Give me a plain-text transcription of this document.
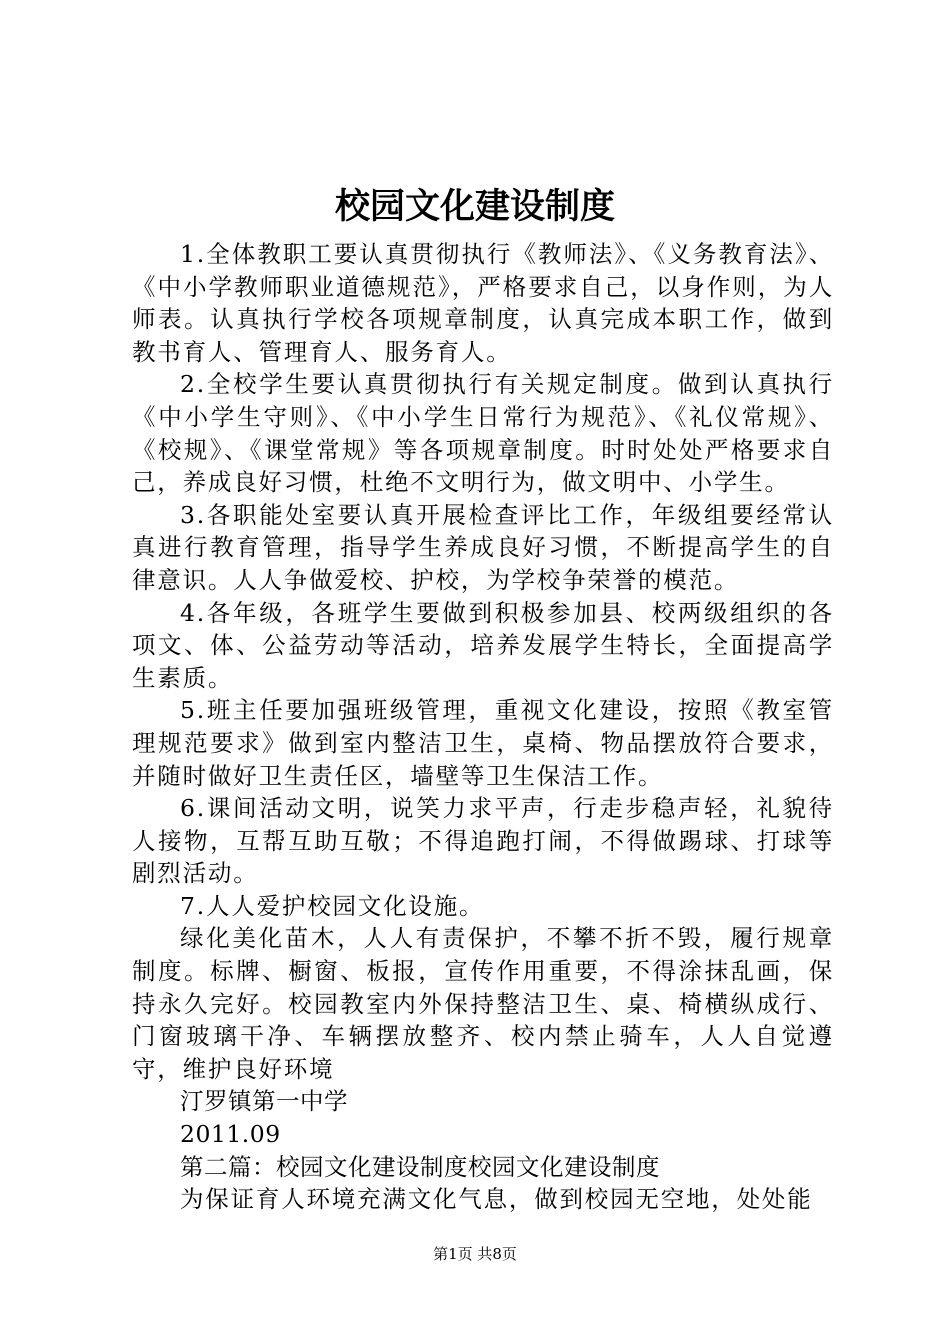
校园文化建设制度

1.全体教职工要认真贯彻执行《教师法》、《义务教育法》、《中小学教师职业道德规范》，严格要求自己，以身作则，为人师表。认真执行学校各项规章制度，认真完成本职工作，做到教书育人、管理育人、服务育人。

2.全校学生要认真贯彻执行有关规定制度。做到认真执行《中小学生守则》、《中小学生日常行为规范》、《礼仪常规》、《校规》、《课堂常规》等各项规章制度。时时处处严格要求自己，养成良好习惯，杜绝不文明行为，做文明中、小学生。

3.各职能处室要认真开展检查评比工作，年级组要经常认真进行教育管理，指导学生养成良好习惯，不断提高学生的自律意识。人人争做爱校、护校，为学校争荣誉的模范。

4.各年级，各班学生要做到积极参加县、校两级组织的各项文、体、公益劳动等活动，培养发展学生特长，全面提高学生素质。

5.班主任要加强班级管理，重视文化建设，按照《教室管理规范要求》做到室内整洁卫生，桌椅、物品摆放符合要求，并随时做好卫生责任区，墙壁等卫生保洁工作。

6.课间活动文明，说笑力求平声，行走步稳声轻，礼貌待人接物，互帮互助互敬；不得追跑打闹，不得做踢球、打球等剧烈活动。

7.人人爱护校园文化设施。

绿化美化苗木，人人有责保护，不攀不折不毁，履行规章制度。标牌、橱窗、板报，宣传作用重要，不得涂抹乱画，保持永久完好。校园教室内外保持整洁卫生、桌、椅横纵成行、门窗玻璃干净、车辆摆放整齐、校内禁止骑车，人人自觉遵守，维护良好环境

汀罗镇第一中学

2011.09

第二篇：校园文化建设制度校园文化建设制度

为保证育人环境充满文化气息，做到校园无空地，处处能

第1页 共8页
